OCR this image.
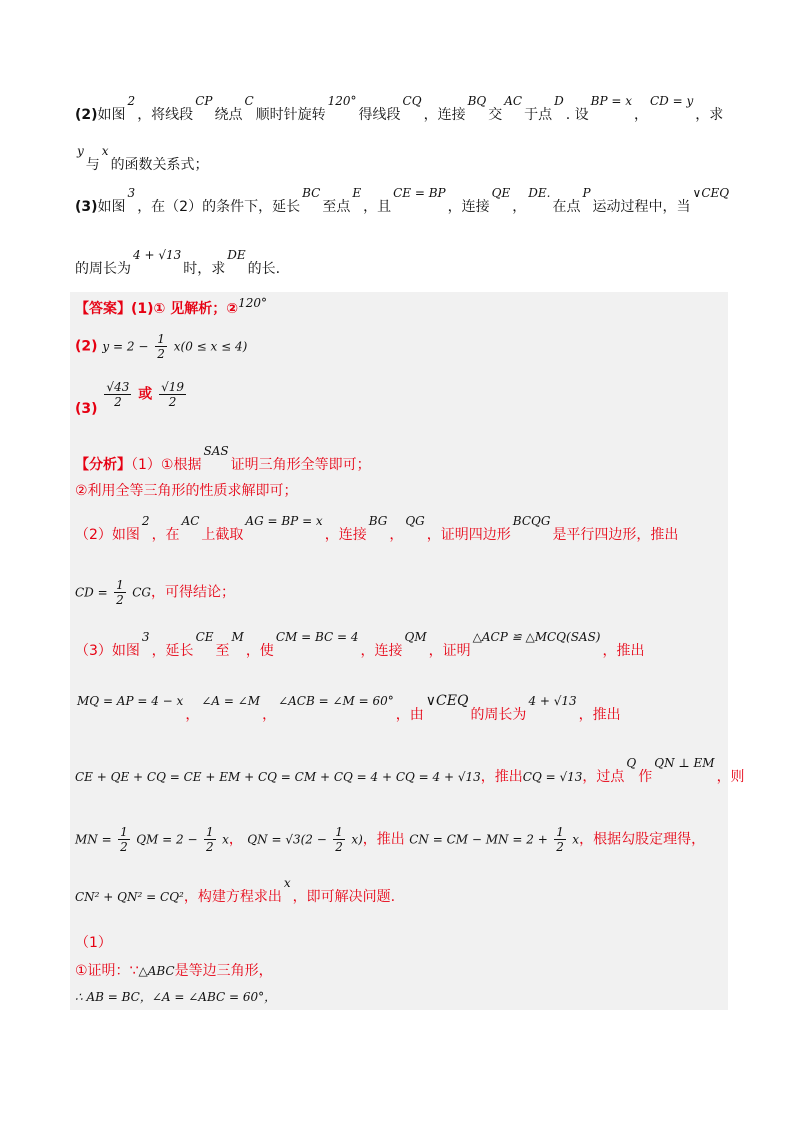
(2)如图2，将线段CP绕点C顺时针旋转120°得线段CQ，连接BQ交AC于点D. 设BP = x，CD = y，求
y与x的函数关系式；
(3)如图3，在（2）的条件下，延长BC至点E，且CE = BP，连接QE，DE.在点P运动过程中，当∨CEQ
的周长为4 + √13时，求DE的长.
【答案】(1)① 见解析；②120°
(2) $y = 2 - \frac{1}{2} x(0 \le x \le 4)$
$(3) \frac{√43}{2}$ 或 $\frac{√19}{2}$
【分析】（1）①根据SAS证明三角形全等即可；
②利用全等三角形的性质求解即可；
（2）如图2，在AC上截取AG = BP = x，连接BG，QG，证明四边形BCQG是平行四边形，推出
CD = $\frac{1}{2}$ CG，可得结论；
（3）如图3，延长CE至M，使CM = BC = 4，连接QM，证明△ACP ≌ △MCQ(SAS)，推出
MQ = AP = 4 − x，∠A = ∠M，∠ACB = ∠M = 60°，由∨CEQ的周长为4 + √13，推出
CE + QE + CQ = CE + EM + CQ = CM + CQ = 4 + CQ = 4 + √13，推出CQ = √13，过点Q作QN ⊥ EM，则
MN = $\frac{1}{2}$ QM = $2 - \frac{1}{2}$ x， QN = $√3(2 - \frac{1}{2} x)$，推出 CN = CM − MN = $2 + \frac{1}{2}$ x，根据勾股定理得，
CN² + QN² = CQ²，构建方程求出x，即可解决问题.
（1）
①证明：∵△ABC是等边三角形，
∴ AB = BC，∠A = ∠ABC = 60°，
